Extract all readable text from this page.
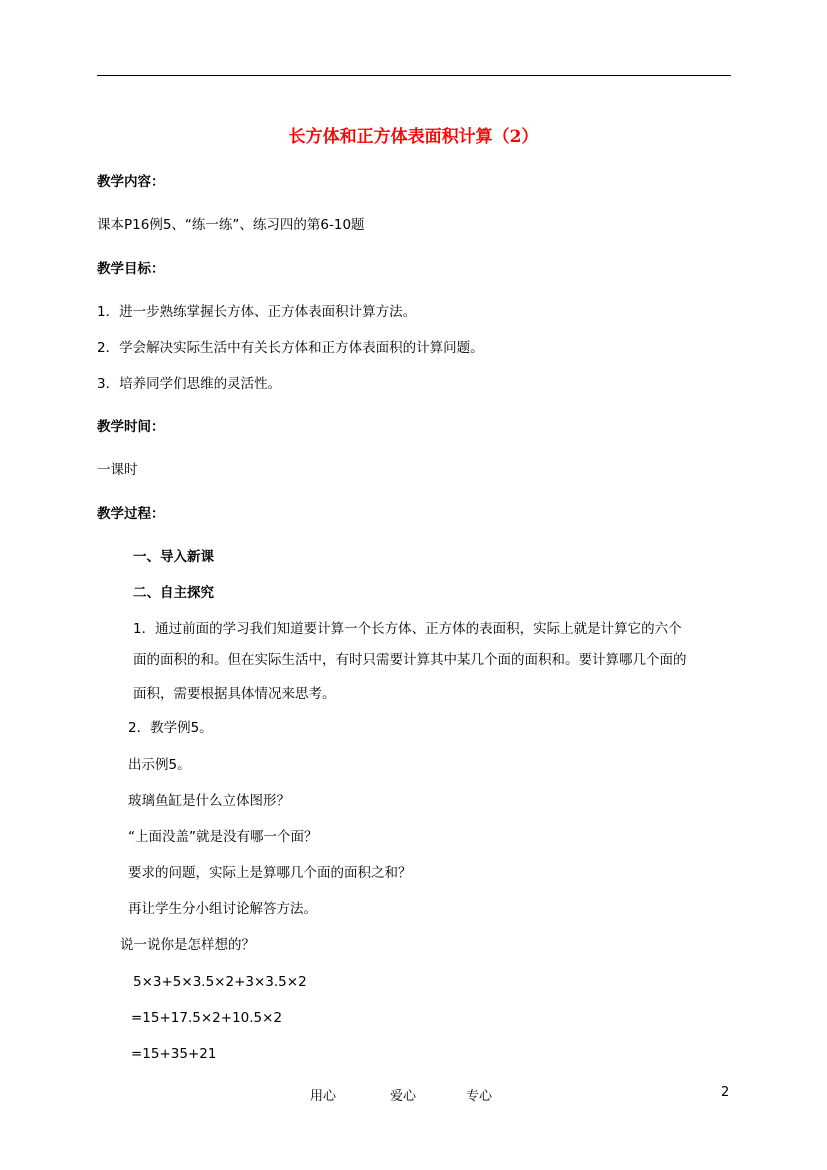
长方体和正方体表面积计算（2）
教学内容：
课本P16例5、“练一练”、练习四的第6-10题
教学目标：
1．进一步熟练掌握长方体、正方体表面积计算方法。
2．学会解决实际生活中有关长方体和正方体表面积的计算问题。
3．培养同学们思维的灵活性。
教学时间：
一课时
教学过程：
一、导入新课
二、自主探究
1．通过前面的学习我们知道要计算一个长方体、正方体的表面积，实际上就是计算它的六个
面的面积的和。但在实际生活中，有时只需要计算其中某几个面的面积和。要计算哪几个面的
面积，需要根据具体情况来思考。
2．教学例5。
出示例5。
玻璃鱼缸是什么立体图形？
“上面没盖”就是没有哪一个面？
要求的问题，实际上是算哪几个面的面积之和？
再让学生分小组讨论解答方法。
说一说你是怎样想的？
5×3+5×3.5×2+3×3.5×2
=15+17.5×2+10.5×2
=15+35+21
用心	爱心	专心	2
